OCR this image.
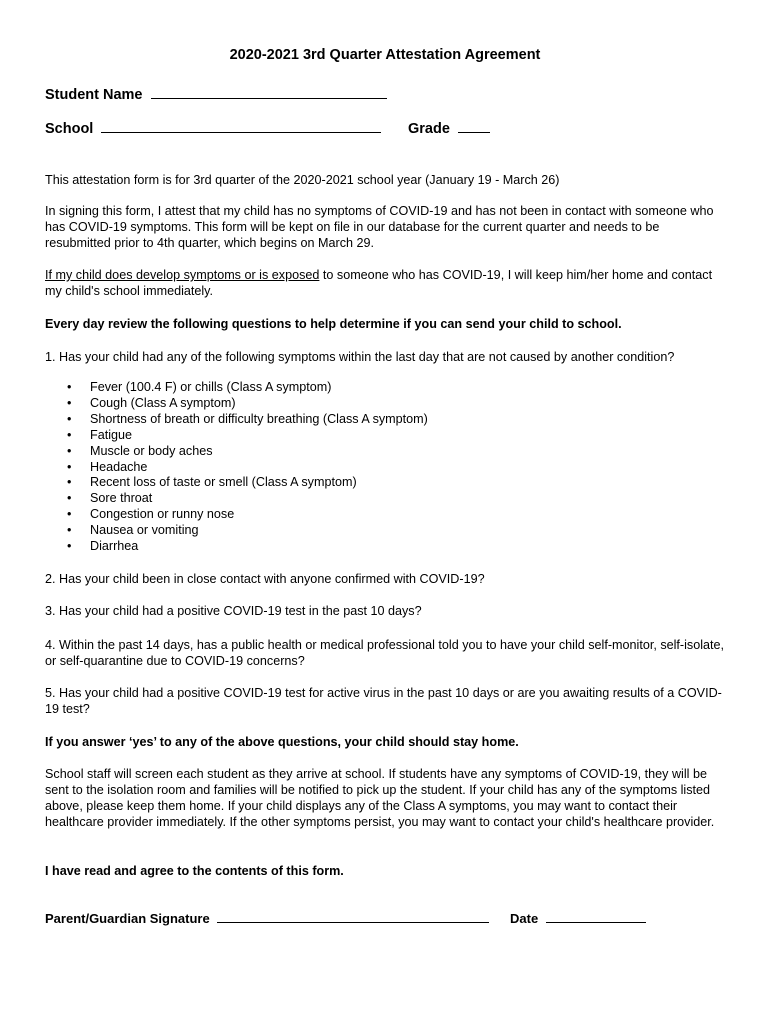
2020-2021 3rd Quarter Attestation Agreement
Student Name
School	Grade
This attestation form is for 3rd quarter of the 2020-2021 school year (January 19 - March 26)
In signing this form, I attest that my child has no symptoms of COVID-19 and has not been in contact with someone who has COVID-19 symptoms. This form will be kept on file in our database for the current quarter and needs to be resubmitted prior to 4th quarter, which begins on March 29.
If my child does develop symptoms or is exposed to someone who has COVID-19, I will keep him/her home and contact my child's school immediately.
Every day review the following questions to help determine if you can send your child to school.
1. Has your child had any of the following symptoms within the last day that are not caused by another condition?
• Fever (100.4 F) or chills (Class A symptom)
• Cough (Class A symptom)
• Shortness of breath or difficulty breathing (Class A symptom)
• Fatigue
• Muscle or body aches
• Headache
• Recent loss of taste or smell (Class A symptom)
• Sore throat
• Congestion or runny nose
• Nausea or vomiting
• Diarrhea
2. Has your child been in close contact with anyone confirmed with COVID-19?
3. Has your child had a positive COVID-19 test in the past 10 days?
4. Within the past 14 days, has a public health or medical professional told you to have your child self-monitor, self-isolate, or self-quarantine due to COVID-19 concerns?
5. Has your child had a positive COVID-19 test for active virus in the past 10 days or are you awaiting results of a COVID-19 test?
If you answer ‘yes’ to any of the above questions, your child should stay home.
School staff will screen each student as they arrive at school. If students have any symptoms of COVID-19, they will be sent to the isolation room and families will be notified to pick up the student. If your child has any of the symptoms listed above, please keep them home. If your child displays any of the Class A symptoms, you may want to contact their healthcare provider immediately. If the other symptoms persist, you may want to contact your child's healthcare provider.
I have read and agree to the contents of this form.
Parent/Guardian Signature	Date
